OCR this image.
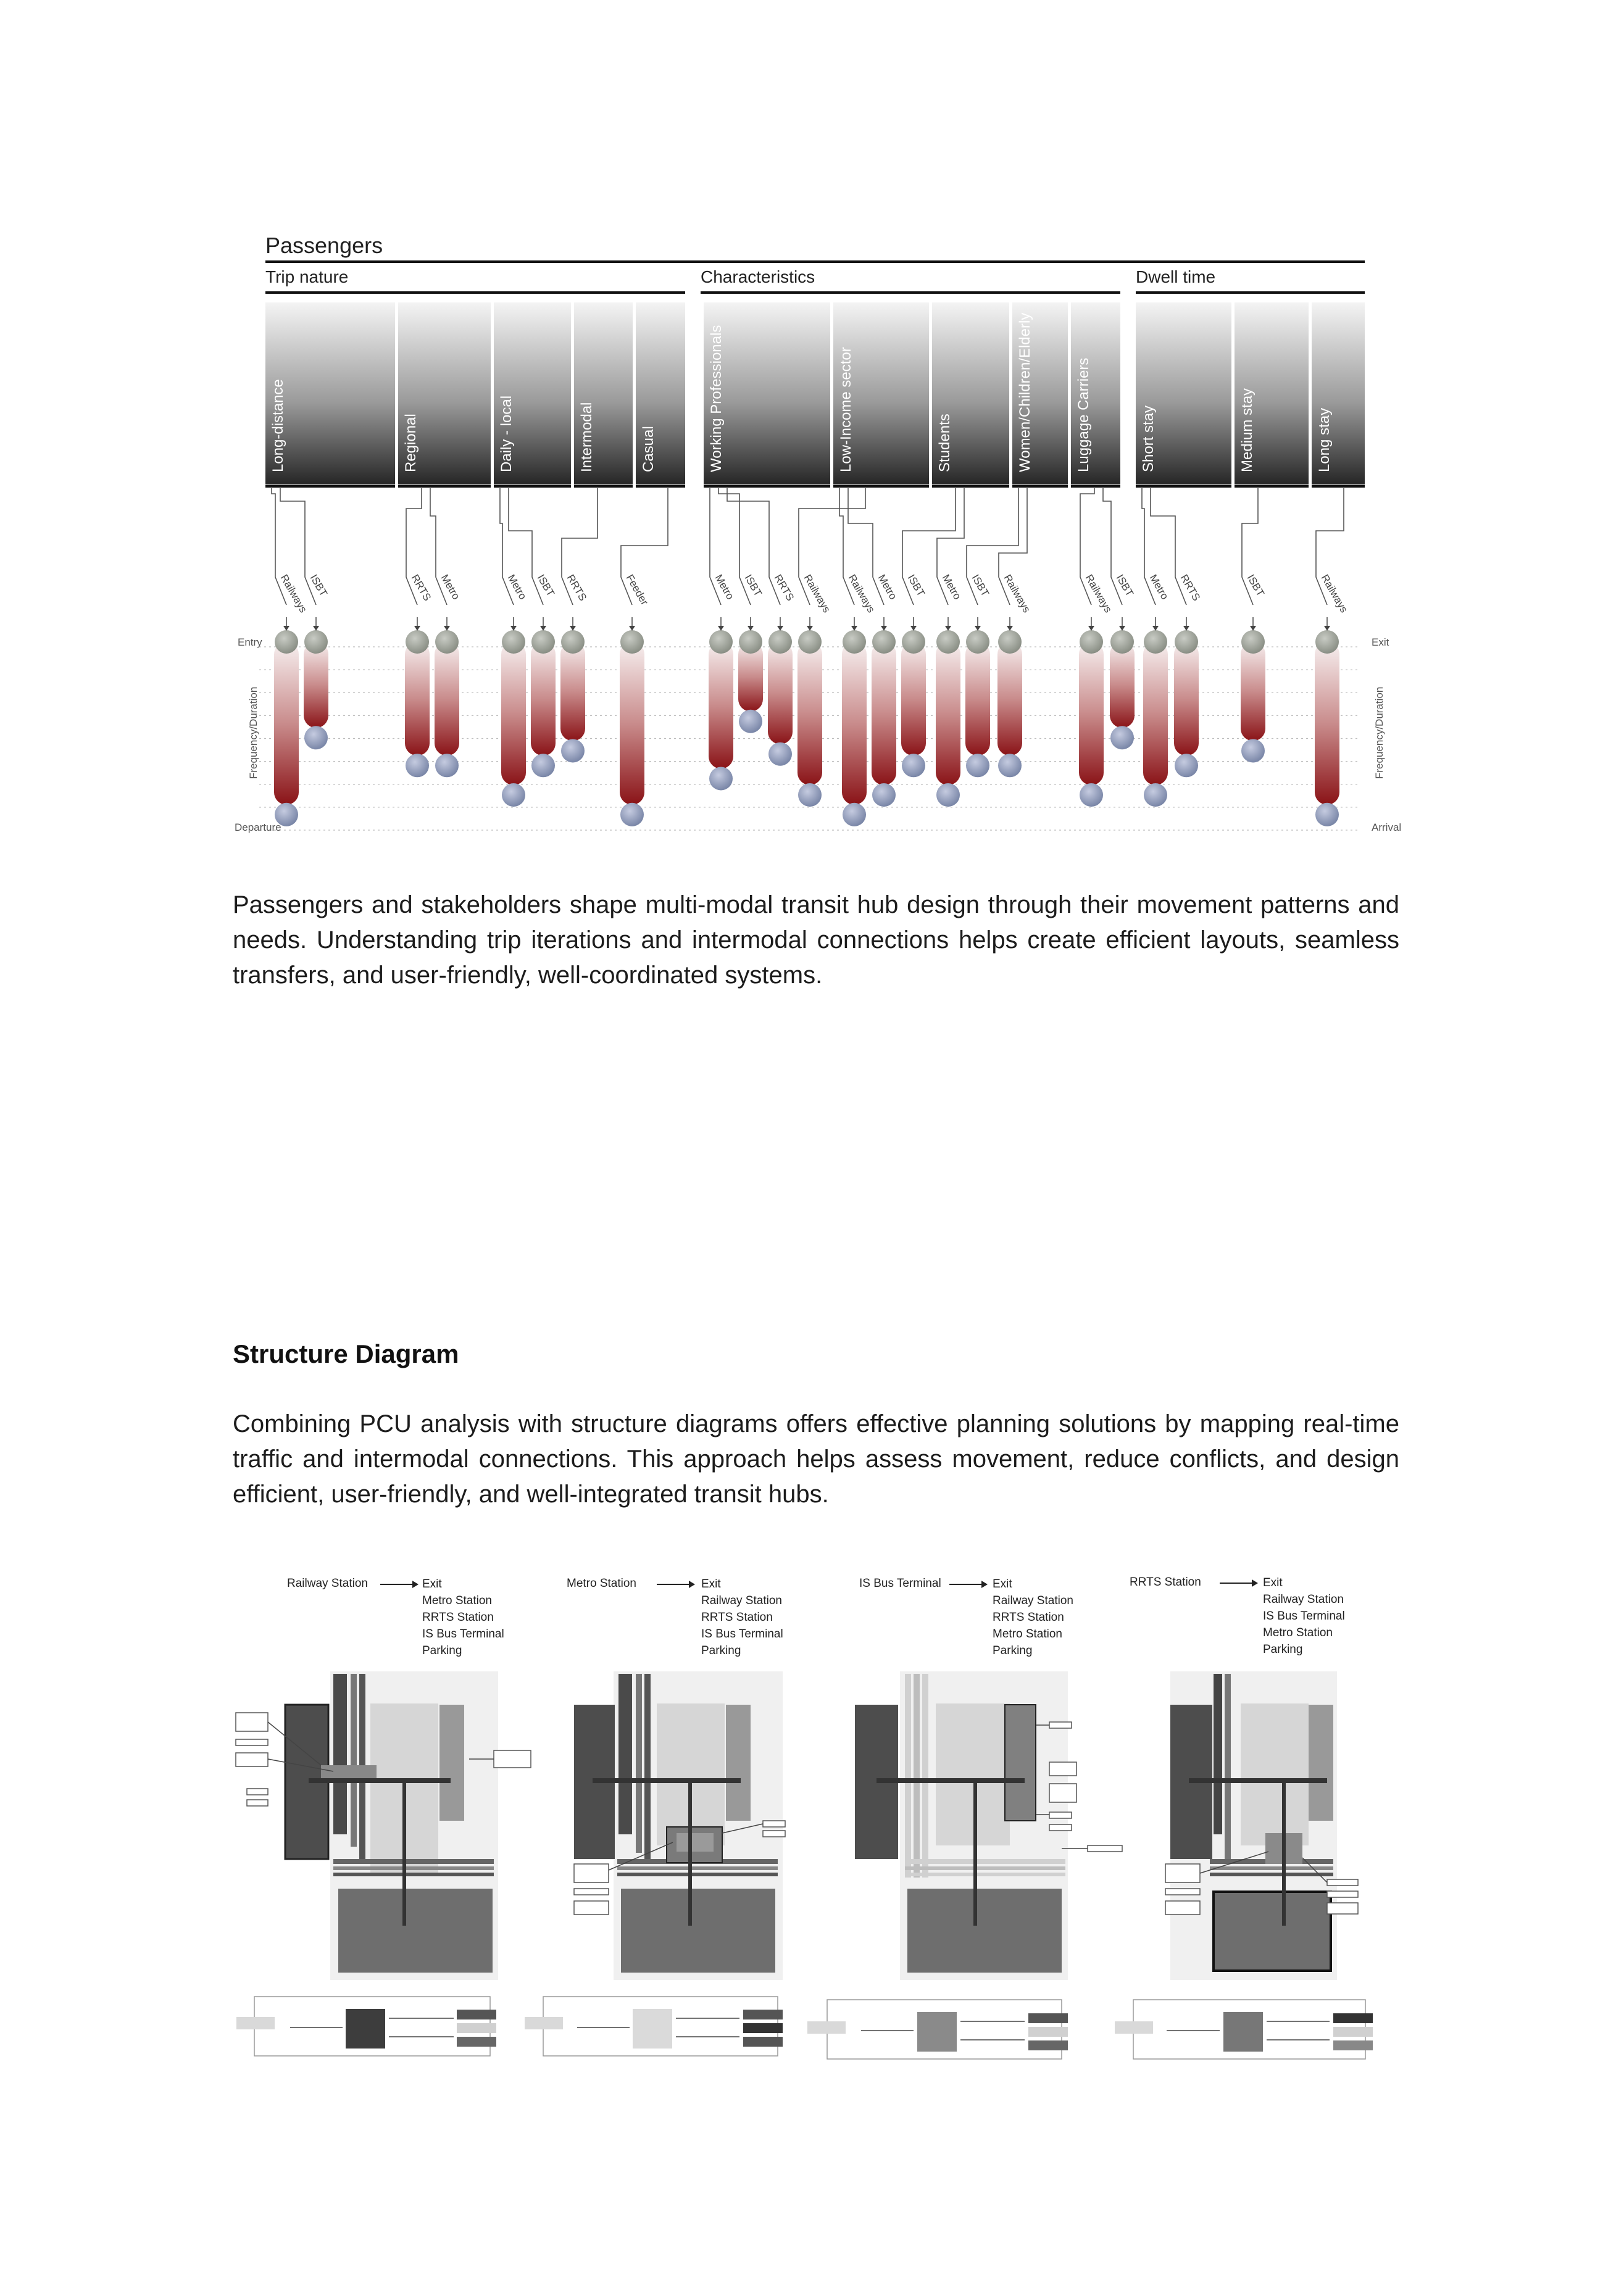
Passengers
Trip nature
Long-distance	Regional	Daily - local	Intermodal	Casual
Characteristics
Working Professionals	Low-Income sector	Students	Women/Children/Elderly	Luggage Carriers
Dwell time
Short stay	Medium stay	Long stay
Railways
ISBT	RRTS Metro	Metro ISBT RRTS	Feeder	Metro ISBT RRTS Railways Railways
Metro ISBT Metro ISBT Railways	Railways ISBT Metro RRTS	ISBT	Railways
Entry
Frequency/Duration
Departure
Exit
Frequency/Duration
Arrival

Passengers and stakeholders shape multi-modal transit hub design through their movement patterns and needs. Understanding trip iterations and intermodal connections helps create efficient layouts, seamless transfers, and user-friendly, well-coordinated systems.

Structure Diagram

Combining PCU analysis with structure diagrams offers effective planning solutions by mapping real-time traffic and intermodal connections. This approach helps assess movement, reduce conflicts, and design efficient, user-friendly, and well-integrated transit hubs.

Railway Station	Exit
Metro Station
RRTS Station
IS Bus Terminal
Parking
Metro Station	Exit
Railway Station
RRTS Station
IS Bus Terminal
Parking
IS Bus Terminal	Exit
Railway Station
RRTS Station
Metro Station
Parking
RRTS Station	Exit
Railway Station
IS Bus Terminal
Metro Station
Parking
